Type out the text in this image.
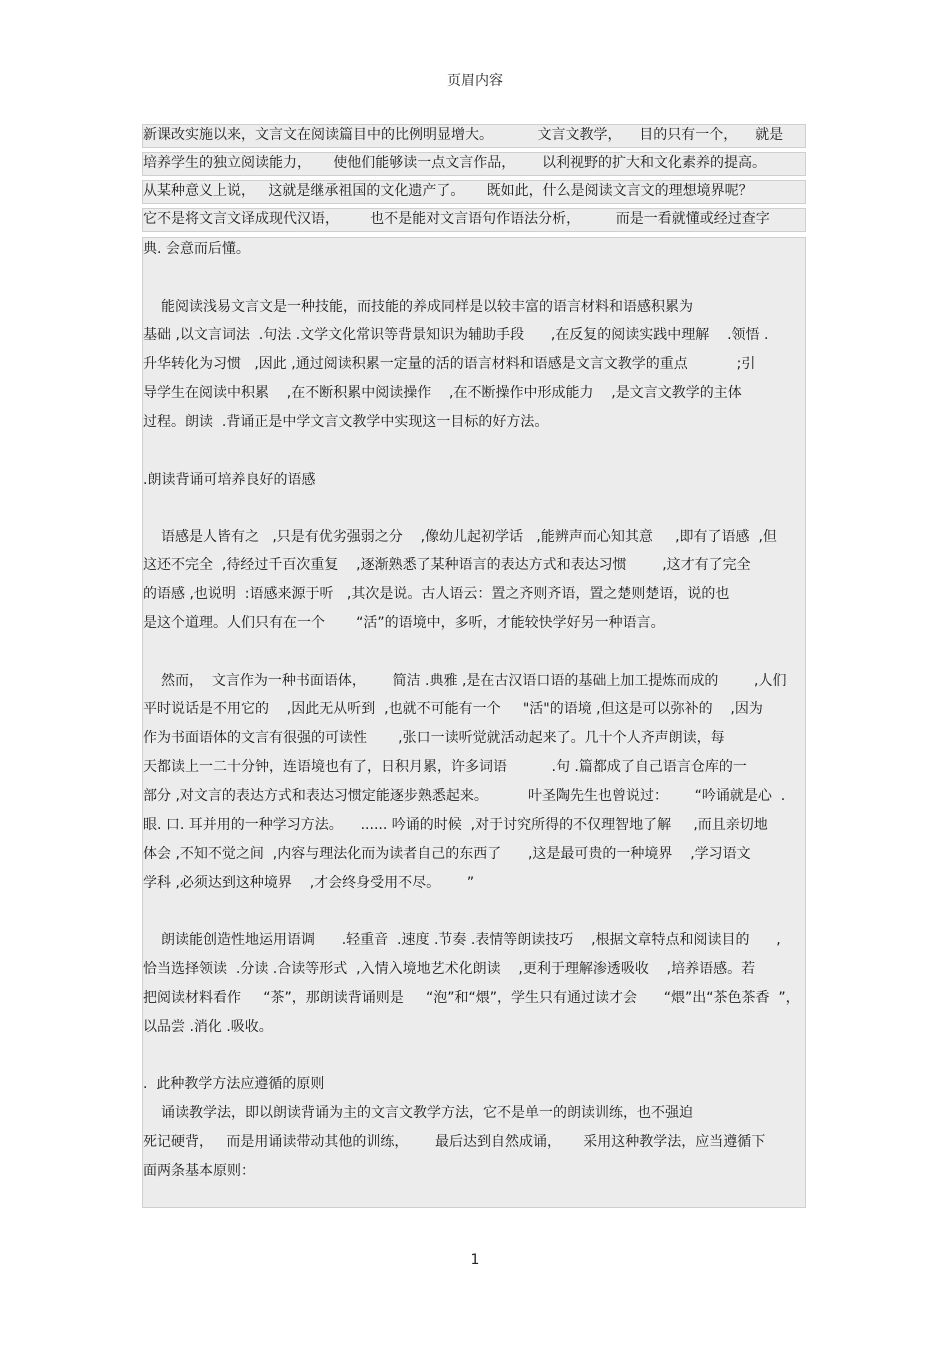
页眉内容
新课改实施以来，文言文在阅读篇目中的比例明显增大。          文言文教学，    目的只有一个，    就是
培养学生的独立阅读能力，     使他们能够读一点文言作品，      以利视野的扩大和文化素养的提高。
从某种意义上说，   这就是继承祖国的文化遗产了。     既如此，什么是阅读文言文的理想境界呢？
它不是将文言文译成现代汉语，       也不是能对文言语句作语法分析，        而是一看就懂或经过查字
典. 会意而后懂。
能阅读浅易文言文是一种技能，而技能的养成同样是以较丰富的语言材料和语感积累为
基础 ,以文言词法  .句法 .文学文化常识等背景知识为辅助手段      ,在反复的阅读实践中理解    .领悟 .
升华转化为习惯   ,因此 ,通过阅读积累一定量的活的语言材料和语感是文言文教学的重点           ;引
导学生在阅读中积累    ,在不断积累中阅读操作    ,在不断操作中形成能力    ,是文言文教学的主体
过程。朗读  .背诵正是中学文言文教学中实现这一目标的好方法。
.朗读背诵可培养良好的语感
语感是人皆有之   ,只是有优劣强弱之分    ,像幼儿起初学话   ,能辨声而心知其意     ,即有了语感  ,但
这还不完全  ,待经过千百次重复    ,逐渐熟悉了某种语言的表达方式和表达习惯        ,这才有了完全
的语感 ,也说明  :语感来源于听   ,其次是说。古人语云：置之齐则齐语，置之楚则楚语，说的也
是这个道理。人们只有在一个       “活”的语境中，多听，才能较快学好另一种语言。
然而，  文言作为一种书面语体，      简洁 .典雅 ,是在古汉语口语的基础上加工提炼而成的        ,人们
平时说话是不用它的    ,因此无从听到  ,也就不可能有一个     "活"的语境 ,但这是可以弥补的    ,因为
作为书面语体的文言有很强的可读性       ,张口一读听觉就活动起来了。几十个人齐声朗读，每
天都读上一二十分钟，连语境也有了，日积月累，许多词语          .句 .篇都成了自己语言仓库的一
部分 ,对文言的表达方式和表达习惯定能逐步熟悉起来。         叶圣陶先生也曾说过：      “吟诵就是心  .
眼. 口. 耳并用的一种学习方法。    ...... 吟诵的时候  ,对于讨究所得的不仅理智地了解     ,而且亲切地
体会 ,不知不觉之间  ,内容与理法化而为读者自己的东西了      ,这是最可贵的一种境界    ,学习语文
学科 ,必须达到这种境界    ,才会终身受用不尽。      ”
朗读能创造性地运用语调      .轻重音  .速度 .节奏 .表情等朗读技巧    ,根据文章特点和阅读目的      ,
恰当选择领读  .分读 .合读等形式  ,入情入境地艺术化朗读    ,更利于理解渗透吸收    ,培养语感。若
把阅读材料看作     “茶”，那朗读背诵则是     “泡”和“煨”，学生只有通过读才会      “煨”出“茶色茶香  ”，
以品尝 .消化 .吸收。
.  此种教学方法应遵循的原则
诵读教学法，即以朗读背诵为主的文言文教学方法，它不是单一的朗读训练，也不强迫
死记硬背，   而是用诵读带动其他的训练，      最后达到自然成诵，     采用这种教学法，应当遵循下
面两条基本原则：
1
